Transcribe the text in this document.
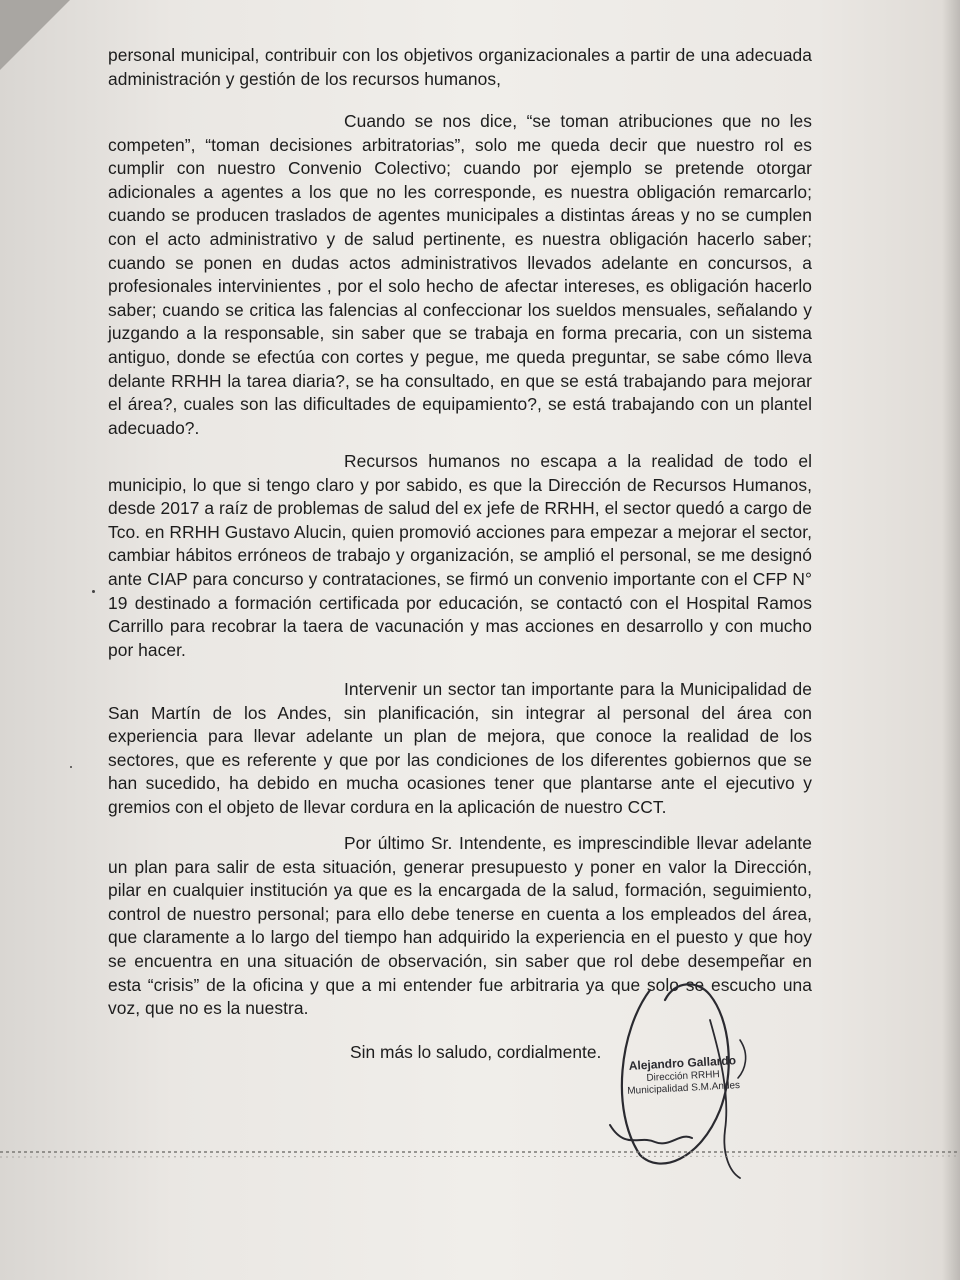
personal municipal, contribuir con los objetivos organizacionales a partir de una adecuada administración y gestión de los recursos humanos,

Cuando se nos dice, “se toman atribuciones que no les competen”, “toman decisiones arbitratorias”, solo me queda decir que nuestro rol es cumplir con nuestro Convenio Colectivo; cuando por ejemplo se pretende otorgar adicionales a agentes a los que no les corresponde, es nuestra obligación remarcarlo; cuando se producen traslados de agentes municipales a distintas áreas y no se cumplen con el acto administrativo y de salud pertinente, es nuestra obligación hacerlo saber; cuando se ponen en dudas actos administrativos llevados adelante en concursos, a profesionales intervinientes , por el solo hecho de afectar intereses, es obligación hacerlo saber; cuando se critica las falencias al confeccionar los sueldos mensuales, señalando y juzgando a la responsable, sin saber que se trabaja en forma precaria, con un sistema antiguo, donde se efectúa con cortes y pegue, me queda preguntar, se sabe cómo lleva delante RRHH la tarea diaria?, se ha consultado, en que se está trabajando para mejorar el área?, cuales son las dificultades de equipamiento?, se está trabajando con un plantel adecuado?.

Recursos humanos no escapa a la realidad de todo el municipio, lo que si tengo claro y por sabido, es que la Dirección de Recursos Humanos, desde 2017 a raíz de problemas de salud del ex jefe de RRHH, el sector quedó a cargo de Tco. en RRHH Gustavo Alucin, quien promovió acciones para empezar a mejorar el sector, cambiar hábitos erróneos de trabajo y organización, se amplió el personal, se me designó ante CIAP para concurso y contrataciones, se firmó un convenio importante con el CFP N° 19 destinado a formación certificada por educación, se contactó con el Hospital Ramos Carrillo para recobrar la taera de vacunación y mas acciones en desarrollo y con mucho por hacer.

Intervenir un sector tan importante para la Municipalidad de San Martín de los Andes, sin planificación, sin integrar al personal del área con experiencia para llevar adelante un plan de mejora, que conoce la realidad de los sectores, que es referente y que por las condiciones de los diferentes gobiernos que se han sucedido, ha debido en mucha ocasiones tener que plantarse ante el ejecutivo y gremios con el objeto de llevar cordura en la aplicación de nuestro CCT.

Por último Sr. Intendente, es imprescindible llevar adelante un plan para salir de esta situación, generar presupuesto y poner en valor la Dirección, pilar en cualquier institución ya que es la encargada de la salud, formación, seguimiento, control de nuestro personal; para ello debe tenerse en cuenta a los empleados del área, que claramente a lo largo del tiempo han adquirido la experiencia en el puesto y que hoy se encuentra en una situación de observación, sin saber que rol debe desempeñar en esta “crisis” de la oficina y que a mi entender fue arbitraria ya que solo se escucho una voz, que no es la nuestra.

Sin más lo saludo, cordialmente.
Alejandro Gallardo
Dirección RRHH
Municipalidad S.M.Andes
